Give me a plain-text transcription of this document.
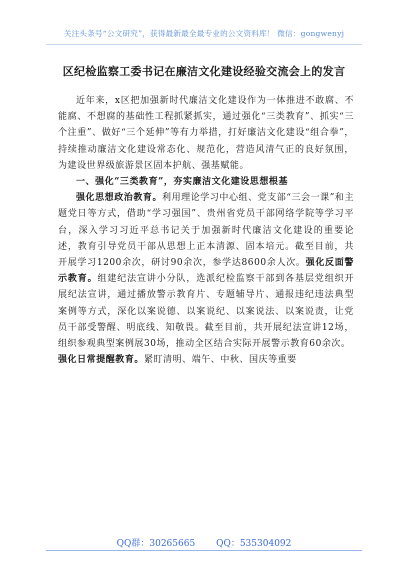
关注头条号“公文研究”，获得最新最全最专业的公文资料库！ 微信：gongwenyj
区纪检监察工委书记在廉洁文化建设经验交流会上的发言

近年来，x区把加强新时代廉洁文化建设作为一体推进不敢腐、不能腐、不想腐的基础性工程抓紧抓实，通过强化“三类教育”、抓实“三个注重”、做好“三个延伸”等有力举措，打好廉洁文化建设“组合拳”，持续推动廉洁文化建设常态化、规范化，营造风清气正的良好氛围，为建设世界级旅游景区固本护航、强基赋能。

一、强化“三类教育”，夯实廉洁文化建设思想根基

强化思想政治教育。利用理论学习中心组、党支部“三会一课”和主题党日等方式，借助“学习强国”、贵州省党员干部网络学院等学习平台，深入学习习近平总书记关于加强新时代廉洁文化建设的重要论述，教育引导党员干部从思想上正本清源、固本培元。截至目前，共开展学习1200余次，研讨90余次，参学达8600余人次。强化反面警示教育。组建纪法宣讲小分队，选派纪检监察干部到各基层党组织开展纪法宣讲，通过播放警示教育片、专题辅导片、通报违纪违法典型案例等方式，深化以案说德、以案说纪、以案说法、以案说责，让党员干部受警醒、明底线、知敬畏。截至目前，共开展纪法宣讲12场，组织参观典型案例展30场，推动全区结合实际开展警示教育60余次。

强化日常提醒教育。紧盯清明、端午、中秋、国庆等重要

QQ群：30265665 QQ：535304092
